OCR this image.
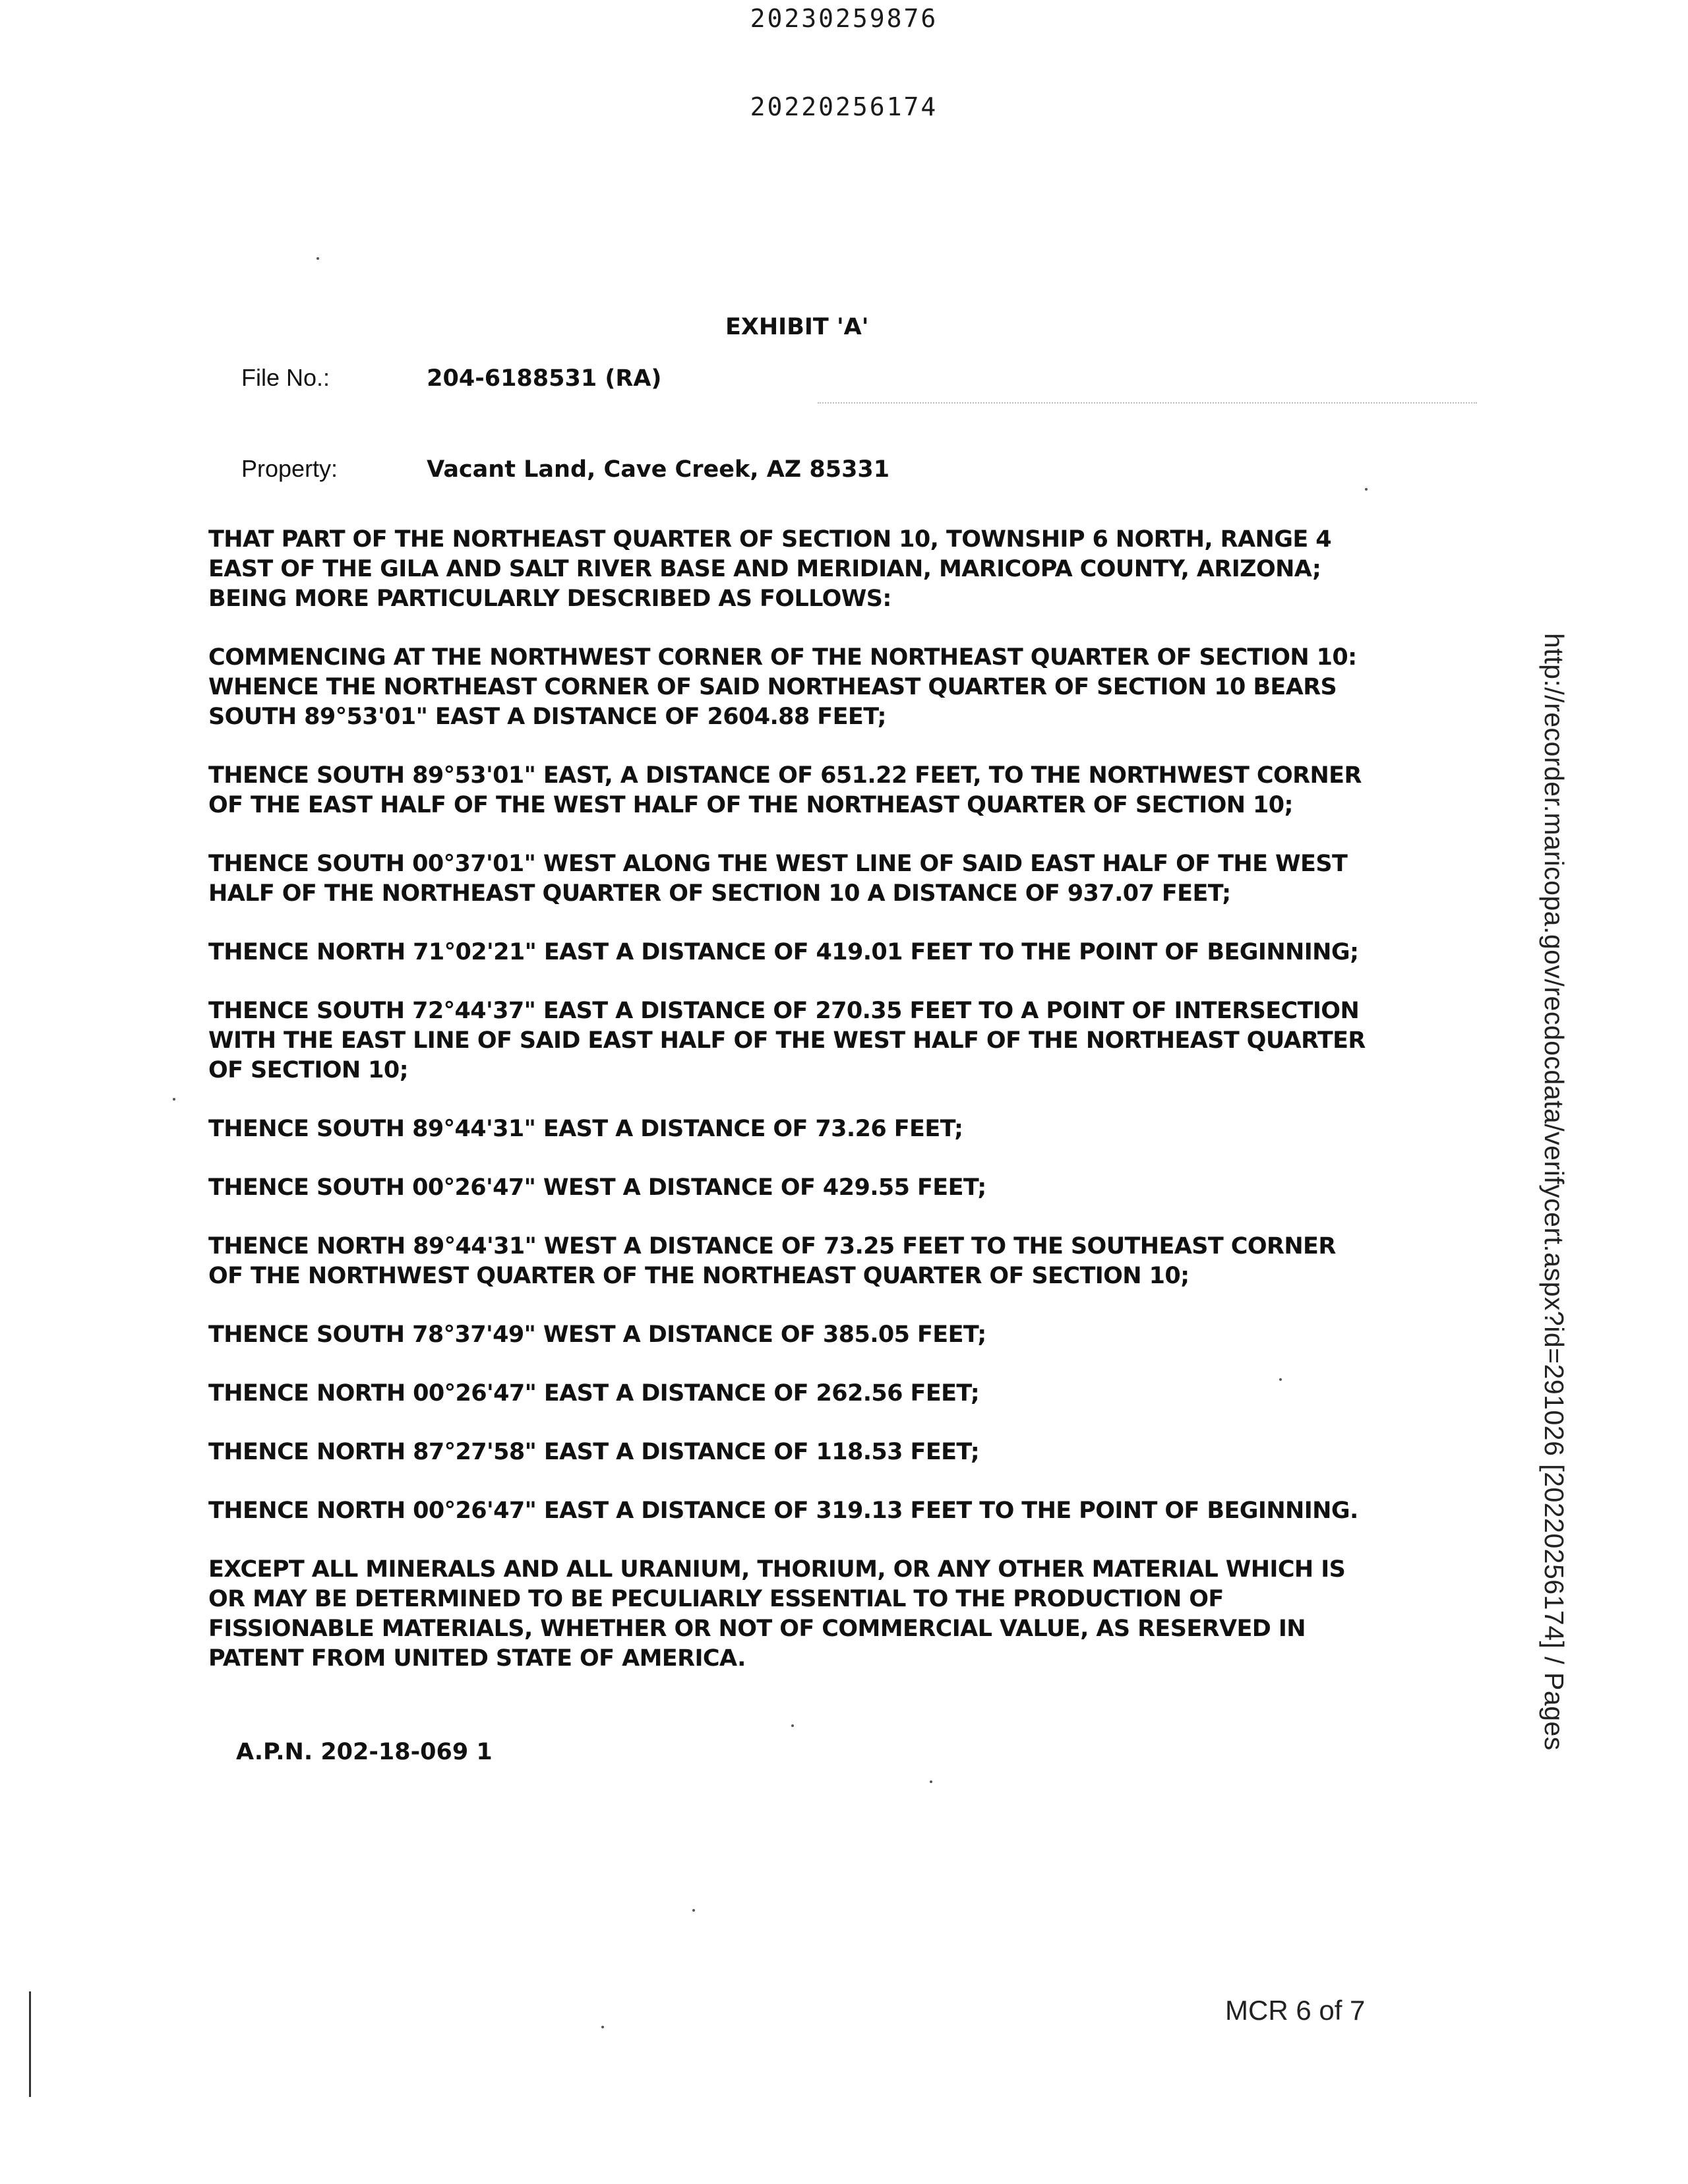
20230259876
20220256174
EXHIBIT 'A'
File No.:	204-6188531 (RA)
Property:	Vacant Land, Cave Creek, AZ 85331

THAT PART OF THE NORTHEAST QUARTER OF SECTION 10, TOWNSHIP 6 NORTH, RANGE 4
EAST OF THE GILA AND SALT RIVER BASE AND MERIDIAN, MARICOPA COUNTY, ARIZONA;
BEING MORE PARTICULARLY DESCRIBED AS FOLLOWS:

COMMENCING AT THE NORTHWEST CORNER OF THE NORTHEAST QUARTER OF SECTION 10:
WHENCE THE NORTHEAST CORNER OF SAID NORTHEAST QUARTER OF SECTION 10 BEARS
SOUTH 89°53'01" EAST A DISTANCE OF 2604.88 FEET;

THENCE SOUTH 89°53'01" EAST, A DISTANCE OF 651.22 FEET, TO THE NORTHWEST CORNER
OF THE EAST HALF OF THE WEST HALF OF THE NORTHEAST QUARTER OF SECTION 10;

THENCE SOUTH 00°37'01" WEST ALONG THE WEST LINE OF SAID EAST HALF OF THE WEST
HALF OF THE NORTHEAST QUARTER OF SECTION 10 A DISTANCE OF 937.07 FEET;

THENCE NORTH 71°02'21" EAST A DISTANCE OF 419.01 FEET TO THE POINT OF BEGINNING;

THENCE SOUTH 72°44'37" EAST A DISTANCE OF 270.35 FEET TO A POINT OF INTERSECTION
WITH THE EAST LINE OF SAID EAST HALF OF THE WEST HALF OF THE NORTHEAST QUARTER
OF SECTION 10;

THENCE SOUTH 89°44'31" EAST A DISTANCE OF 73.26 FEET;

THENCE SOUTH 00°26'47" WEST A DISTANCE OF 429.55 FEET;

THENCE NORTH 89°44'31" WEST A DISTANCE OF 73.25 FEET TO THE SOUTHEAST CORNER
OF THE NORTHWEST QUARTER OF THE NORTHEAST QUARTER OF SECTION 10;

THENCE SOUTH 78°37'49" WEST A DISTANCE OF 385.05 FEET;

THENCE NORTH 00°26'47" EAST A DISTANCE OF 262.56 FEET;

THENCE NORTH 87°27'58" EAST A DISTANCE OF 118.53 FEET;

THENCE NORTH 00°26'47" EAST A DISTANCE OF 319.13 FEET TO THE POINT OF BEGINNING.

EXCEPT ALL MINERALS AND ALL URANIUM, THORIUM, OR ANY OTHER MATERIAL WHICH IS
OR MAY BE DETERMINED TO BE PECULIARLY ESSENTIAL TO THE PRODUCTION OF
FISSIONABLE MATERIALS, WHETHER OR NOT OF COMMERCIAL VALUE, AS RESERVED IN
PATENT FROM UNITED STATE OF AMERICA.

A.P.N. 202-18-069 1
http://recorder.maricopa.gov/recdocdata/verifycert.aspx?id=291026 [20220256174] / Pages
MCR 6 of 7
